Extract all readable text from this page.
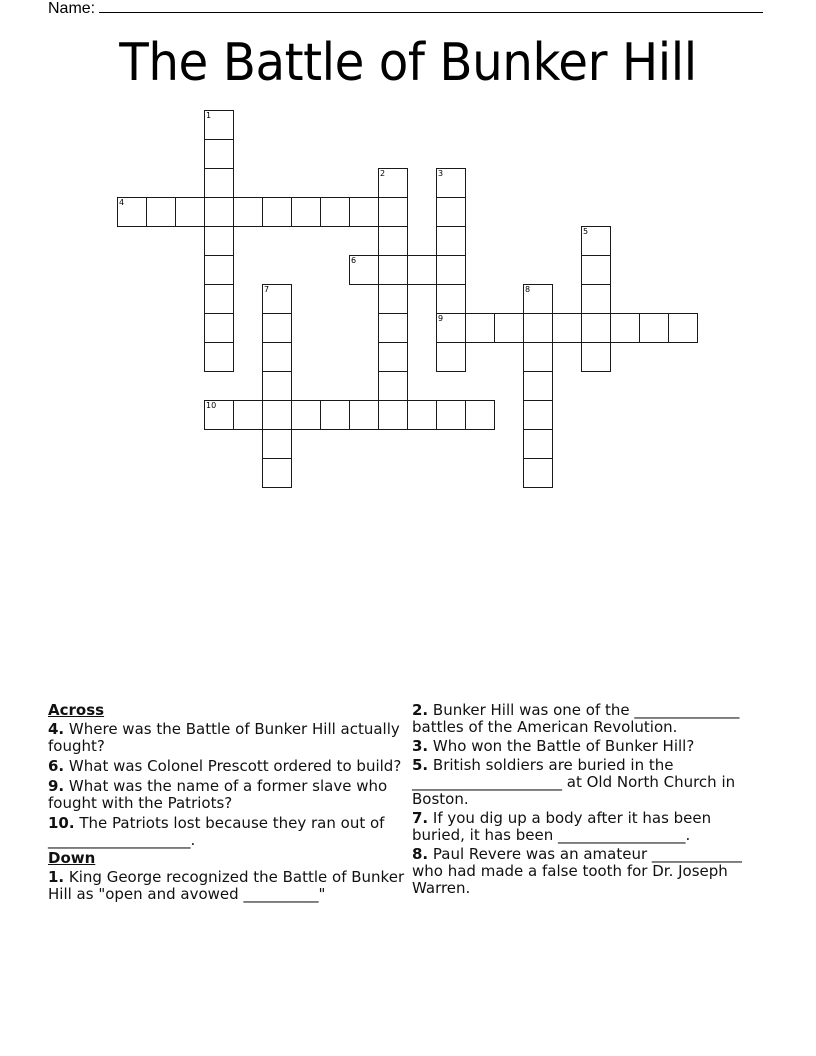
Name:
The Battle of Bunker Hill
1
2	3
9
4
5
6
7	8
10
Across
4. Where was the Battle of Bunker Hill actually fought?
6. What was Colonel Prescott ordered to build?
9. What was the name of a former slave who fought with the Patriots?
10. The Patriots lost because they ran out of ___________________.
Down
1. King George recognized the Battle of Bunker Hill as "open and avowed __________"
2. Bunker Hill was one of the ______________ battles of the American Revolution.
3. Who won the Battle of Bunker Hill?
5. British soldiers are buried in the ____________________ at Old North Church in Boston.
7. If you dig up a body after it has been buried, it has been _________________.
8. Paul Revere was an amateur ____________ who had made a false tooth for Dr. Joseph Warren.
